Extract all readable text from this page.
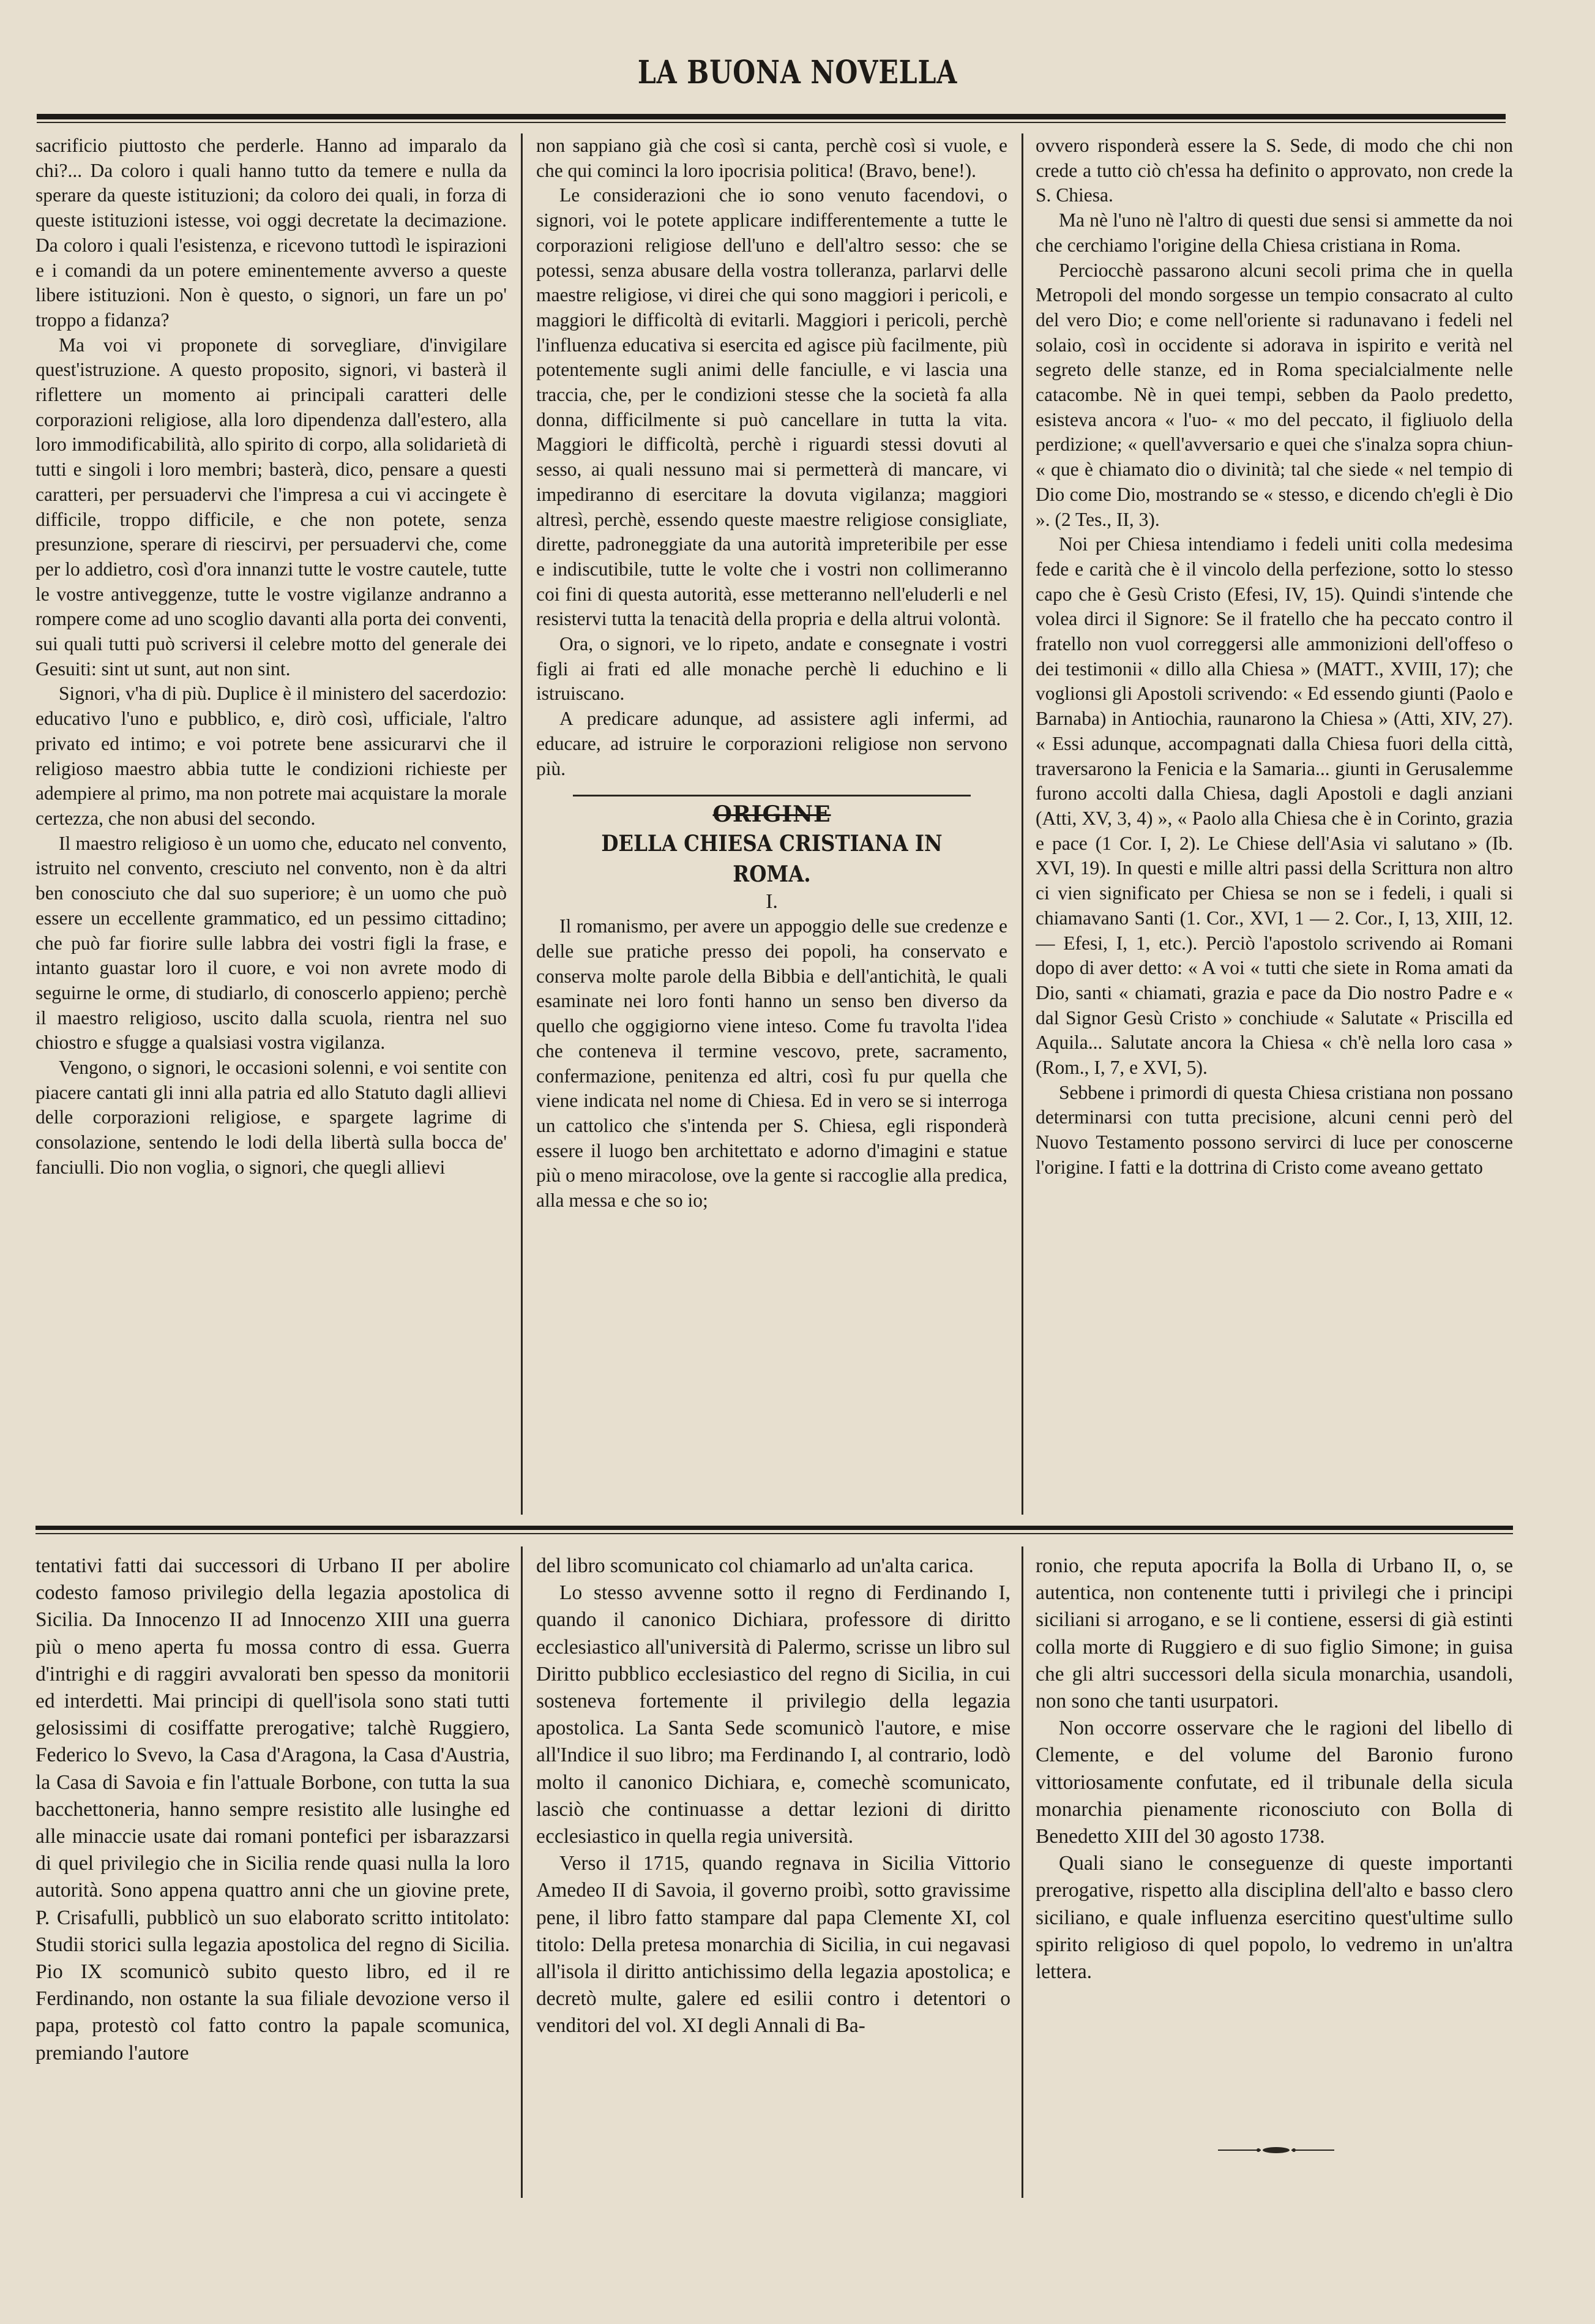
LA BUONA NOVELLA

sacrificio piuttosto che perderle. Hanno ad imparalo da chi?... Da coloro i quali hanno tutto da temere e nulla da sperare da queste istituzioni; da coloro dei quali, in forza di queste istituzioni istesse, voi oggi decretate la decimazione. Da coloro i quali l'esistenza, e ricevono tuttodì le ispirazioni e i comandi da un potere eminentemente avverso a queste libere istituzioni. Non è questo, o signori, un fare un po' troppo a fidanza?

Ma voi vi proponete di sorvegliare, d'invigilare quest'istruzione. A questo proposito, signori, vi basterà il riflettere un momento ai principali caratteri delle corporazioni religiose, alla loro dipendenza dall'estero, alla loro immodificabilità, allo spirito di corpo, alla solidarietà di tutti e singoli i loro membri; basterà, dico, pensare a questi caratteri, per persuadervi che l'impresa a cui vi accingete è difficile, troppo difficile, e che non potete, senza presunzione, sperare di riescirvi, per persuadervi che, come per lo addietro, così d'ora innanzi tutte le vostre cautele, tutte le vostre antiveggenze, tutte le vostre vigilanze andranno a rompere come ad uno scoglio davanti alla porta dei conventi, sui quali tutti può scriversi il celebre motto del generale dei Gesuiti: sint ut sunt, aut non sint.

Signori, v'ha di più. Duplice è il ministero del sacerdozio: educativo l'uno e pubblico, e, dirò così, ufficiale, l'altro privato ed intimo; e voi potrete bene assicurarvi che il religioso maestro abbia tutte le condizioni richieste per adempiere al primo, ma non potrete mai acquistare la morale certezza, che non abusi del secondo.

Il maestro religioso è un uomo che, educato nel convento, istruito nel convento, cresciuto nel convento, non è da altri ben conosciuto che dal suo superiore; è un uomo che può essere un eccellente grammatico, ed un pessimo cittadino; che può far fiorire sulle labbra dei vostri figli la frase, e intanto guastar loro il cuore, e voi non avrete modo di seguirne le orme, di studiarlo, di conoscerlo appieno; perchè il maestro religioso, uscito dalla scuola, rientra nel suo chiostro e sfugge a qualsiasi vostra vigilanza.

Vengono, o signori, le occasioni solenni, e voi sentite con piacere cantati gli inni alla patria ed allo Statuto dagli allievi delle corporazioni religiose, e spargete lagrime di consolazione, sentendo le lodi della libertà sulla bocca de' fanciulli. Dio non voglia, o signori, che quegli allievi

non sappiano già che così si canta, perchè così si vuole, e che qui cominci la loro ipocrisia politica! (Bravo, bene!).

Le considerazioni che io sono venuto facendovi, o signori, voi le potete applicare indifferentemente a tutte le corporazioni religiose dell'uno e dell'altro sesso: che se potessi, senza abusare della vostra tolleranza, parlarvi delle maestre religiose, vi direi che qui sono maggiori i pericoli, e maggiori le difficoltà di evitarli. Maggiori i pericoli, perchè l'influenza educativa si esercita ed agisce più facilmente, più potentemente sugli animi delle fanciulle, e vi lascia una traccia, che, per le condizioni stesse che la società fa alla donna, difficilmente si può cancellare in tutta la vita. Maggiori le difficoltà, perchè i riguardi stessi dovuti al sesso, ai quali nessuno mai si permetterà di mancare, vi impediranno di esercitare la dovuta vigilanza; maggiori altresì, perchè, essendo queste maestre religiose consigliate, dirette, padroneggiate da una autorità impreteribile per esse e indiscutibile, tutte le volte che i vostri non collimeranno coi fini di questa autorità, esse metteranno nell'eluderli e nel resistervi tutta la tenacità della propria e della altrui volontà.

Ora, o signori, ve lo ripeto, andate e consegnate i vostri figli ai frati ed alle monache perchè li educhino e li istruiscano.

A predicare adunque, ad assistere agli infermi, ad educare, ad istruire le corporazioni religiose non servono più.

ORIGINE

DELLA CHIESA CRISTIANA IN ROMA.

I.

Il romanismo, per avere un appoggio delle sue credenze e delle sue pratiche presso dei popoli, ha conservato e conserva molte parole della Bibbia e dell'antichità, le quali esaminate nei loro fonti hanno un senso ben diverso da quello che oggigiorno viene inteso. Come fu travolta l'idea che conteneva il termine vescovo, prete, sacramento, confermazione, penitenza ed altri, così fu pur quella che viene indicata nel nome di Chiesa. Ed in vero se si interroga un cattolico che s'intenda per S. Chiesa, egli risponderà essere il luogo ben architettato e adorno d'imagini e statue più o meno miracolose, ove la gente si raccoglie alla predica, alla messa e che so io;

ovvero risponderà essere la S. Sede, di modo che chi non crede a tutto ciò ch'essa ha definito o approvato, non crede la S. Chiesa.

Ma nè l'uno nè l'altro di questi due sensi si ammette da noi che cerchiamo l'origine della Chiesa cristiana in Roma.

Perciocchè passarono alcuni secoli prima che in quella Metropoli del mondo sorgesse un tempio consacrato al culto del vero Dio; e come nell'oriente si radunavano i fedeli nel solaio, così in occidente si adorava in ispirito e verità nel segreto delle stanze, ed in Roma specialcialmente nelle catacombe. Nè in quei tempi, sebben da Paolo predetto, esisteva ancora « l'uo- « mo del peccato, il figliuolo della perdizione; « quell'avversario e quei che s'inalza sopra chiun- « que è chiamato dio o divinità; tal che siede « nel tempio di Dio come Dio, mostrando se « stesso, e dicendo ch'egli è Dio ». (2 Tes., II, 3).

Noi per Chiesa intendiamo i fedeli uniti colla medesima fede e carità che è il vincolo della perfezione, sotto lo stesso capo che è Gesù Cristo (Efesi, IV, 15). Quindi s'intende che volea dirci il Signore: Se il fratello che ha peccato contro il fratello non vuol correggersi alle ammonizioni dell'offeso o dei testimonii « dillo alla Chiesa » (MATT., XVIII, 17); che voglionsi gli Apostoli scrivendo: « Ed essendo giunti (Paolo e Barnaba) in Antiochia, raunarono la Chiesa » (Atti, XIV, 27). « Essi adunque, accompagnati dalla Chiesa fuori della città, traversarono la Fenicia e la Samaria... giunti in Gerusalemme furono accolti dalla Chiesa, dagli Apostoli e dagli anziani (Atti, XV, 3, 4) », « Paolo alla Chiesa che è in Corinto, grazia e pace (1 Cor. I, 2). Le Chiese dell'Asia vi salutano » (Ib. XVI, 19). In questi e mille altri passi della Scrittura non altro ci vien significato per Chiesa se non se i fedeli, i quali si chiamavano Santi (1. Cor., XVI, 1 — 2. Cor., I, 13, XIII, 12. — Efesi, I, 1, etc.). Perciò l'apostolo scrivendo ai Romani dopo di aver detto: « A voi « tutti che siete in Roma amati da Dio, santi « chiamati, grazia e pace da Dio nostro Padre e « dal Signor Gesù Cristo » conchiude « Salutate « Priscilla ed Aquila... Salutate ancora la Chiesa « ch'è nella loro casa » (Rom., I, 7, e XVI, 5).

Sebbene i primordi di questa Chiesa cristiana non possano determinarsi con tutta precisione, alcuni cenni però del Nuovo Testamento possono servirci di luce per conoscerne l'origine. I fatti e la dottrina di Cristo come aveano gettato

tentativi fatti dai successori di Urbano II per abolire codesto famoso privilegio della legazia apostolica di Sicilia. Da Innocenzo II ad Innocenzo XIII una guerra più o meno aperta fu mossa contro di essa. Guerra d'intrighi e di raggiri avvalorati ben spesso da monitorii ed interdetti. Mai principi di quell'isola sono stati tutti gelosissimi di cosiffatte prerogative; talchè Ruggiero, Federico lo Svevo, la Casa d'Aragona, la Casa d'Austria, la Casa di Savoia e fin l'attuale Borbone, con tutta la sua bacchettoneria, hanno sempre resistito alle lusinghe ed alle minaccie usate dai romani pontefici per isbarazzarsi di quel privilegio che in Sicilia rende quasi nulla la loro autorità. Sono appena quattro anni che un giovine prete, P. Crisafulli, pubblicò un suo elaborato scritto intitolato: Studii storici sulla legazia apostolica del regno di Sicilia. Pio IX scomunicò subito questo libro, ed il re Ferdinando, non ostante la sua filiale devozione verso il papa, protestò col fatto contro la papale scomunica, premiando l'autore

del libro scomunicato col chiamarlo ad un'alta carica.

Lo stesso avvenne sotto il regno di Ferdinando I, quando il canonico Dichiara, professore di diritto ecclesiastico all'università di Palermo, scrisse un libro sul Diritto pubblico ecclesiastico del regno di Sicilia, in cui sosteneva fortemente il privilegio della legazia apostolica. La Santa Sede scomunicò l'autore, e mise all'Indice il suo libro; ma Ferdinando I, al contrario, lodò molto il canonico Dichiara, e, comechè scomunicato, lasciò che continuasse a dettar lezioni di diritto ecclesiastico in quella regia università.

Verso il 1715, quando regnava in Sicilia Vittorio Amedeo II di Savoia, il governo proibì, sotto gravissime pene, il libro fatto stampare dal papa Clemente XI, col titolo: Della pretesa monarchia di Sicilia, in cui negavasi all'isola il diritto antichissimo della legazia apostolica; e decretò multe, galere ed esilii contro i detentori o venditori del vol. XI degli Annali di Ba-

ronio, che reputa apocrifa la Bolla di Urbano II, o, se autentica, non contenente tutti i privilegi che i principi siciliani si arrogano, e se li contiene, essersi di già estinti colla morte di Ruggiero e di suo figlio Simone; in guisa che gli altri successori della sicula monarchia, usandoli, non sono che tanti usurpatori.

Non occorre osservare che le ragioni del libello di Clemente, e del volume del Baronio furono vittoriosamente confutate, ed il tribunale della sicula monarchia pienamente riconosciuto con Bolla di Benedetto XIII del 30 agosto 1738.

Quali siano le conseguenze di queste importanti prerogative, rispetto alla disciplina dell'alto e basso clero siciliano, e quale influenza esercitino quest'ultime sullo spirito religioso di quel popolo, lo vedremo in un'altra lettera.
